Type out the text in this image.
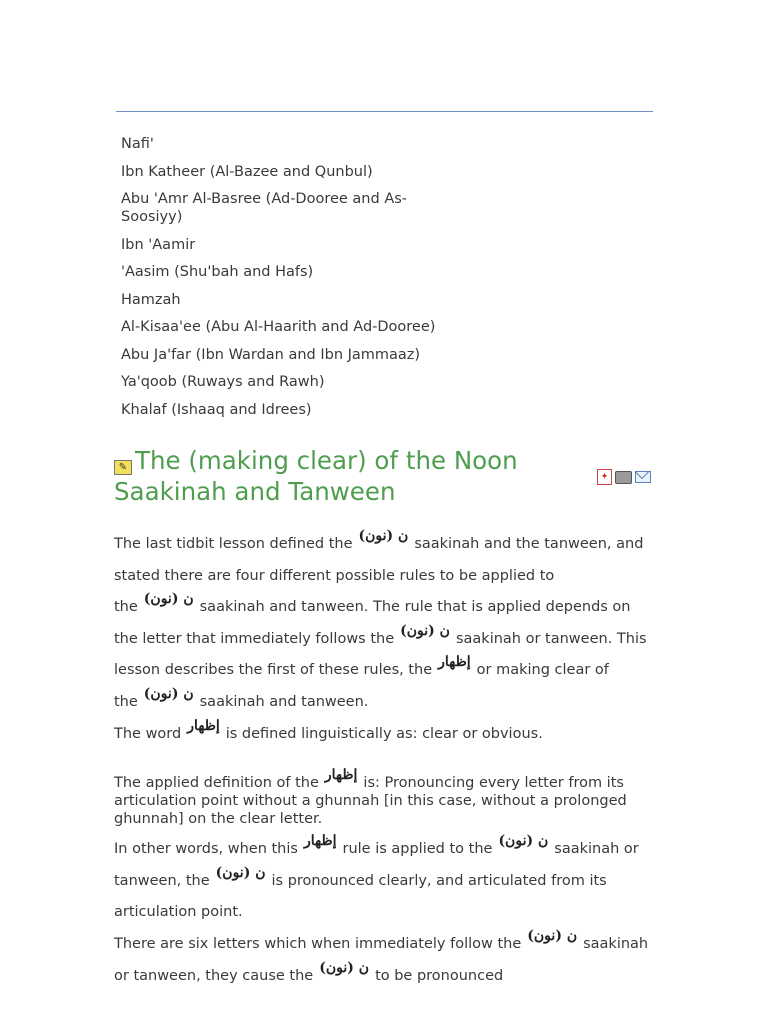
Nafi'
Ibn Katheer (Al-Bazee and Qunbul)
Abu 'Amr Al-Basree (Ad-Dooree and As-Soosiyy)
Ibn 'Aamir
'Aasim (Shu'bah and Hafs)
Hamzah
Al-Kisaa'ee (Abu Al-Haarith and Ad-Dooree)
Abu Ja'far (Ibn Wardan and Ibn Jammaaz)
Ya'qoob (Ruways and Rawh)
Khalaf (Ishaaq and Idrees)
✎ The (making clear) of the Noon Saakinah and Tanween	✦

The last tidbit lesson defined the ن (نون) saakinah and the tanween, and stated there are four different possible rules to be applied to the ن (نون) saakinah and tanween. The rule that is applied depends on the letter that immediately follows the ن (نون) saakinah or tanween. This lesson describes the first of these rules, the إظهار or making clear of the ن (نون) saakinah and tanween.

The word إظهار is defined linguistically as: clear or obvious.

The applied definition of the إظهار is: Pronouncing every letter from its articulation point without a ghunnah [in this case, without a prolonged ghunnah] on the clear letter.

In other words, when this إظهار rule is applied to the ن (نون) saakinah or tanween, the ن (نون) is pronounced clearly, and articulated from its articulation point.

There are six letters which when immediately follow the ن (نون) saakinah or tanween, they cause the ن (نون) to be pronounced
